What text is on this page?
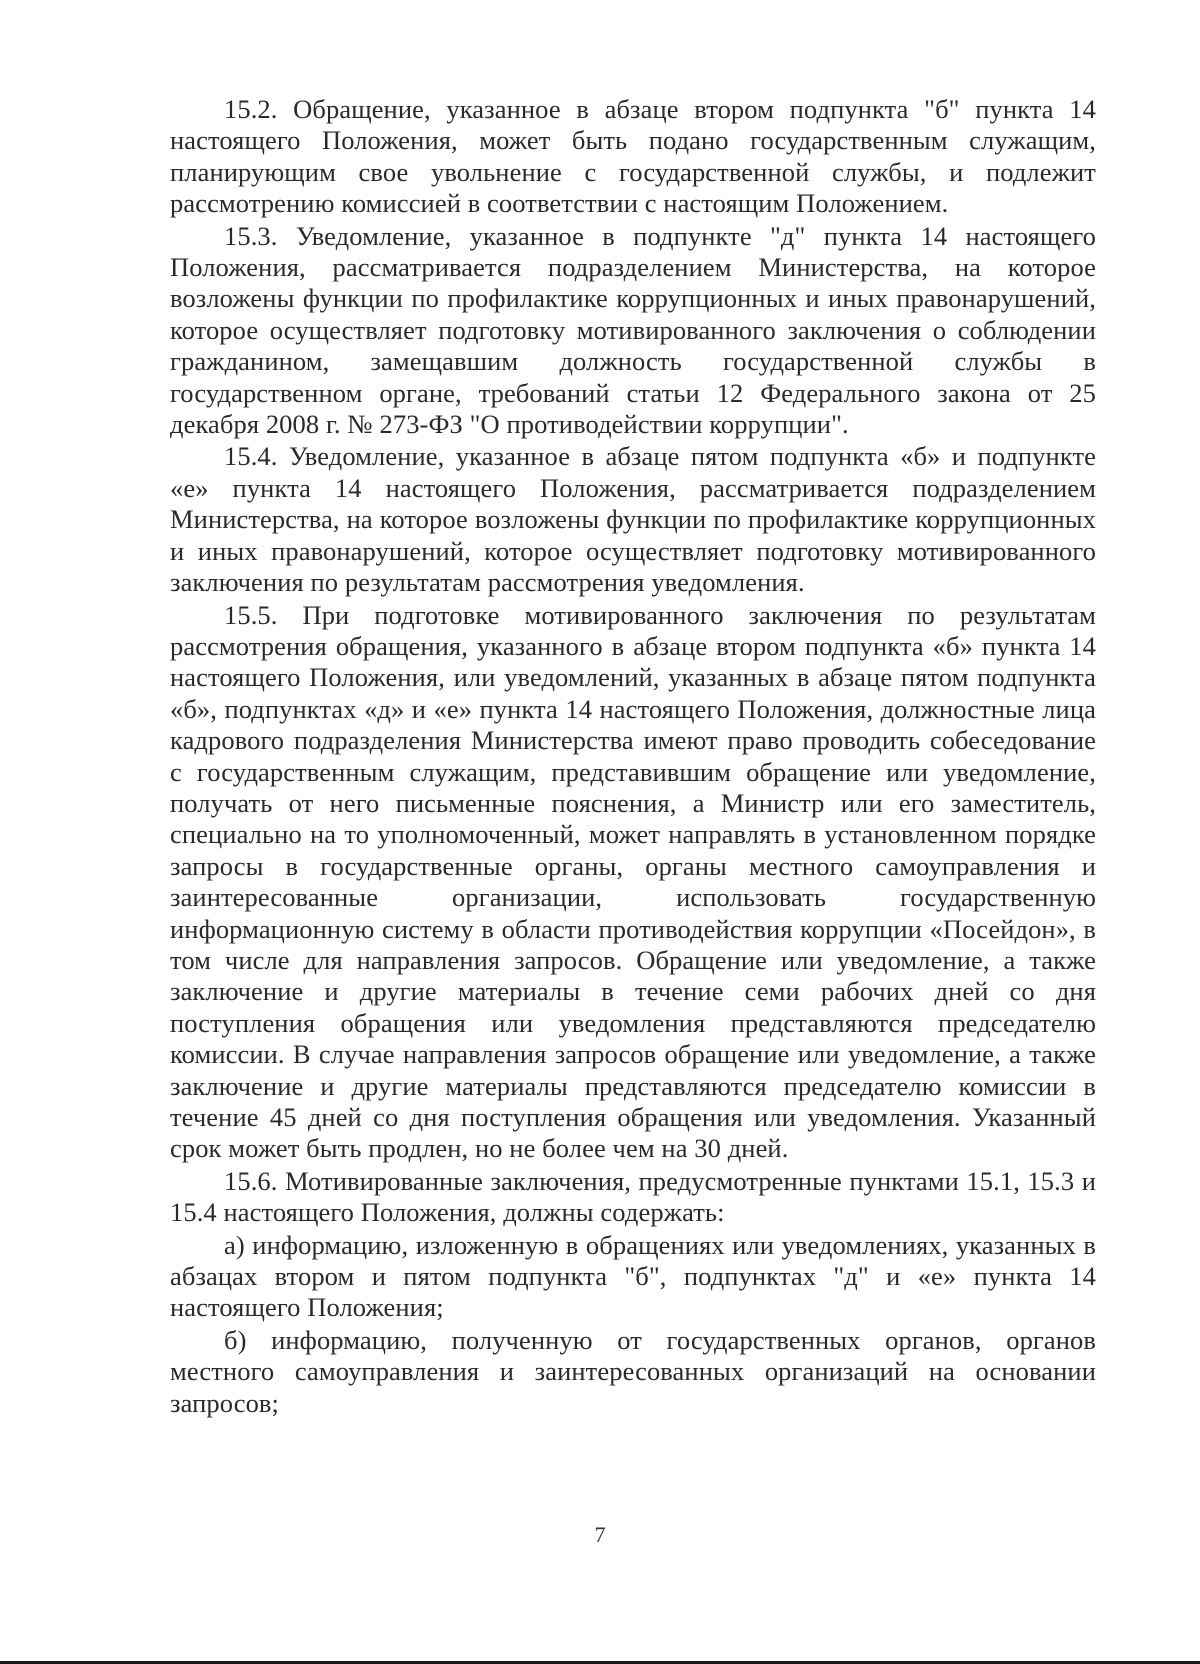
15.2. Обращение, указанное в абзаце втором подпункта "б" пункта 14 настоящего Положения, может быть подано государственным служащим, планирующим свое увольнение с государственной службы, и подлежит рассмотрению комиссией в соответствии с настоящим Положением.

15.3. Уведомление, указанное в подпункте "д" пункта 14 настоящего Положения, рассматривается подразделением Министерства, на которое возложены функции по профилактике коррупционных и иных правонарушений, которое осуществляет подготовку мотивированного заключения о соблюдении гражданином, замещавшим должность государственной службы в государственном органе, требований статьи 12 Федерального закона от 25 декабря 2008 г. № 273-ФЗ "О противодействии коррупции".

15.4. Уведомление, указанное в абзаце пятом подпункта «б» и подпункте «е» пункта 14 настоящего Положения, рассматривается подразделением Министерства, на которое возложены функции по профилактике коррупционных и иных правонарушений, которое осуществляет подготовку мотивированного заключения по результатам рассмотрения уведомления.

15.5. При подготовке мотивированного заключения по результатам рассмотрения обращения, указанного в абзаце втором подпункта «б» пункта 14 настоящего Положения, или уведомлений, указанных в абзаце пятом подпункта «б», подпунктах «д» и «е» пункта 14 настоящего Положения, должностные лица кадрового подразделения Министерства имеют право проводить собеседование с государственным служащим, представившим обращение или уведомление, получать от него письменные пояснения, а Министр или его заместитель, специально на то уполномоченный, может направлять в установленном порядке запросы в государственные органы, органы местного самоуправления и заинтересованные организации, использовать государственную информационную систему в области противодействия коррупции «Посейдон», в том числе для направления запросов. Обращение или уведомление, а также заключение и другие материалы в течение семи рабочих дней со дня поступления обращения или уведомления представляются председателю комиссии. В случае направления запросов обращение или уведомление, а также заключение и другие материалы представляются председателю комиссии в течение 45 дней со дня поступления обращения или уведомления. Указанный срок может быть продлен, но не более чем на 30 дней.

15.6. Мотивированные заключения, предусмотренные пунктами 15.1, 15.3 и 15.4 настоящего Положения, должны содержать:

а) информацию, изложенную в обращениях или уведомлениях, указанных в абзацах втором и пятом подпункта "б", подпунктах "д" и «е» пункта 14 настоящего Положения;

б) информацию, полученную от государственных органов, органов местного самоуправления и заинтересованных организаций на основании запросов;

7
